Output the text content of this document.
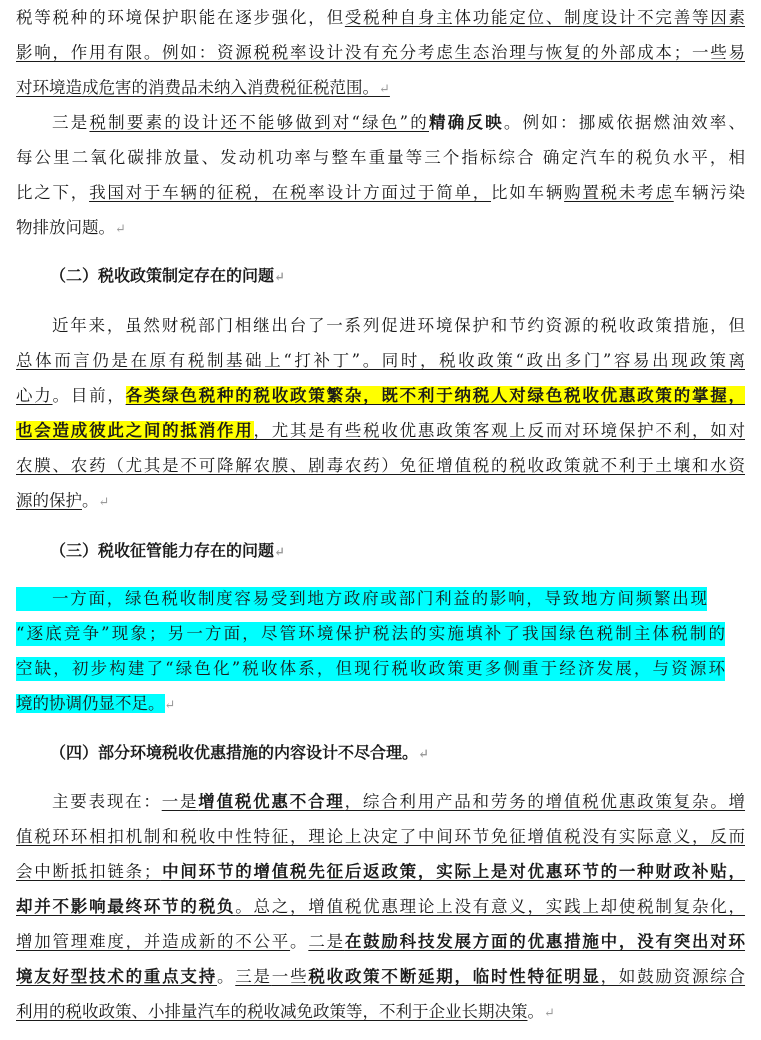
税等税种的环境保护职能在逐步强化，但受税种自身主体功能定位、制度设计不完善等因素
影响，作用有限。例如：资源税税率设计没有充分考虑生态治理与恢复的外部成本；一些易
对环境造成危害的消费品未纳入消费税征税范围。↵
三是税制要素的设计还不能够做到对“绿色”的精确反映。例如：挪威依据燃油效率、
每公里二氧化碳排放量、发动机功率与整车重量等三个指标综合 确定汽车的税负水平，相
比之下，我国对于车辆的征税，在税率设计方面过于简单，比如车辆购置税未考虑车辆污染
物排放问题。↵
（二）税收政策制定存在的问题↵
近年来，虽然财税部门相继出台了一系列促进环境保护和节约资源的税收政策措施，但
总体而言仍是在原有税制基础上“打补丁”。同时，税收政策“政出多门”容易出现政策离
心力。目前，各类绿色税种的税收政策繁杂，既不利于纳税人对绿色税收优惠政策的掌握，
也会造成彼此之间的抵消作用，尤其是有些税收优惠政策客观上反而对环境保护不利，如对
农膜、农药（尤其是不可降解农膜、剧毒农药）免征增值税的税收政策就不利于土壤和水资
源的保护。↵
（三）税收征管能力存在的问题↵
一方面，绿色税收制度容易受到地方政府或部门利益的影响，导致地方间频繁出现
“逐底竞争”现象；另一方面，尽管环境保护税法的实施填补了我国绿色税制主体税制的
空缺，初步构建了“绿色化”税收体系，但现行税收政策更多侧重于经济发展，与资源环
境的协调仍显不足。↵
（四）部分环境税收优惠措施的内容设计不尽合理。↵
主要表现在：一是增值税优惠不合理，综合利用产品和劳务的增值税优惠政策复杂。增
值税环环相扣机制和税收中性特征，理论上决定了中间环节免征增值税没有实际意义，反而
会中断抵扣链条；中间环节的增值税先征后返政策，实际上是对优惠环节的一种财政补贴，
却并不影响最终环节的税负。总之，增值税优惠理论上没有意义，实践上却使税制复杂化，
增加管理难度，并造成新的不公平。二是在鼓励科技发展方面的优惠措施中，没有突出对环
境友好型技术的重点支持。三是一些税收政策不断延期，临时性特征明显，如鼓励资源综合
利用的税收政策、小排量汽车的税收减免政策等，不利于企业长期决策。↵
